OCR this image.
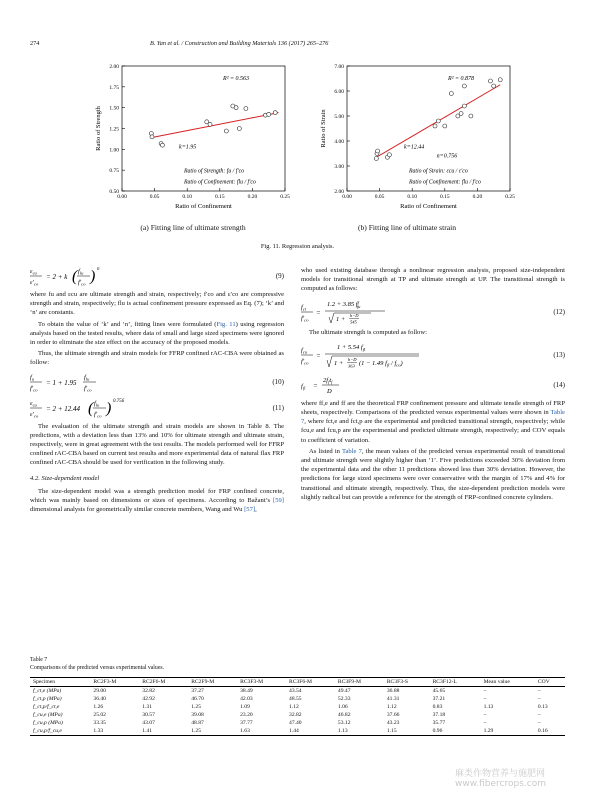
274	B. Yan et al. / Construction and Building Materials 136 (2017) 265–276
0.00	0.05	0.10	0.15	0.20	0.25
0.50
0.75
1.00
1.25
1.50
1.75
2.00
Ratio of Confinement
Ratio of Strength
R² = 0.563
k=1.95
Ratio of Strength: fu / f'co
Ratio of Confinement: flu / f'co
0.00	0.05	0.10	0.15	0.20	0.25
2.00
3.00
4.00
5.00
6.00
7.00
Ratio of Confinement
Ratio of Strain
R² = 0.878
k=12.44
n=0.756
Ratio of Strain: εcu / ε'co
Ratio of Confinement: flu / f'co
(a) Fitting line of ultimate strength	(b) Fitting line of ultimate strain
Fig. 11. Regression analysis.
$\varepsilon_{cu}$
$\varepsilon'_{co}$
= 2 + k ( $f_{lu}$
$f'_{co}$ ) n
(9)

where fu and εcu are ultimate strength and strain, respectively; f′co and ε′co are compressive strength and strain, respectively; flu is actual confinement pressure expressed as Eq. (7); ‘k’ and ‘n’ are constants.

To obtain the value of ‘k’ and ‘n’, fitting lines were formulated (Fig. 11) using regression analysis based on the tested results, where data of small and large sized specimens were ignored in order to eliminate the size effect on the accuracy of the proposed models.

Thus, the ultimate strength and strain models for FFRP confined rAC-CBA were obtained as follow:

$f_u$
$f'_{co}$
= 1 + 1.95
$f_{lu}$
$f'_{co}$
(10)
$\varepsilon_{cu}$
$\varepsilon'_{co}$
= 2 + 12.44 ( $f_{lu}$
$f'_{co}$ ) 0.756
(11)

The evaluation of the ultimate strength and strain models are shown in Table 8. The predictions, with a deviation less than 13% and 10% for ultimate strength and ultimate strain, respectively, were in great agreement with the test results. The models performed well for FFRP confined rAC-CBA based on current test results and more experimental data of natural flax FRP confined rAC-CBA should be used for verification in the following study.

4.2. Size-dependent model

The size-dependent model was a strength prediction model for FRP confined concrete, which was mainly based on dimensions or sizes of specimens. According to Bažant’s [59] dimensional analysis for geometrically similar concrete members, Wang and Wu [57],

who used existing database through a nonlinear regression analysis, proposed size-independent models for transitional strength at TP and ultimate strength at UP. The transitional strength is computed as follows:

$f_{ct}$
$f'_{co}$
=
1.2 + 3.85 $f^f$ fu
1 +
h−D
545
(12)

The ultimate strength is computed as follow:

$f_{cu}$
$f'_{co}$
=
1 + 5.54 $f_{fl}$
1 +
h−D
363 (1 − 1.49 $f_{fl} / f_{co}$)
(13)
$f_{fl}$ =
$2f_ft_f$
D
(14)

where ff,e and ff are the theoretical FRP confinement pressure and ultimate tensile strength of FRP sheets, respectively. Comparisons of the predicted versus experimental values were shown in Table 7, where fct,e and fct,p are the experimental and predicted transitional strength, respectively; while fcu,e and fcu,p are the experimental and predicted ultimate strength, respectively; and COV equals to coefficient of variation.

As listed in Table 7, the mean values of the predicted versus experimental result of transitional and ultimate strength were slightly higher than ‘1’. Five predictions exceeded 30% deviation from the experimental data and the other 11 predictions showed less than 30% deviation. However, the predictions for large sized specimens were over conservative with the margin of 17% and 4% for transitional and ultimate strength, respectively. Thus, the size-dependent prediction models were slightly radical but can provide a reference for the strength of FRP-confined concrete cylinders.

Table 7
Comparisons of the predicted versus experimental values.
Specimen	RC2F3-M	RC2F6-M	RC2F9-M	RC3F3-M	RC3F6-M	RC3F9-M	RC3F3-S	RC3F12-L	Mean value	COV
f_ct,e (MPa)	29.00	32.82	37.27	38.49	43.54	49.47	36.88	45.65	–	–
f_ct,p (MPa)	36.40	42.92	46.70	42.03	48.55	52.33	41.31	37.21	–	–
f_ct,p/f_ct,e	1.26	1.31	1.25	1.09	1.12	1.06	1.12	0.83	1.13	0.13
f_cu,e (MPa)	25.02	30.57	39.08	23.20	32.82	46.82	37.66	37.18	–	–
f_cu,p (MPa)	33.35	43.07	48.87	37.77	47.40	53.12	43.23	35.77	–	–
f_cu,p/f_cu,e	1.33	1.41	1.25	1.63	1.44	1.13	1.15	0.96	1.29	0.16
麻类作物营养与施肥网 www.fibercrops.com
